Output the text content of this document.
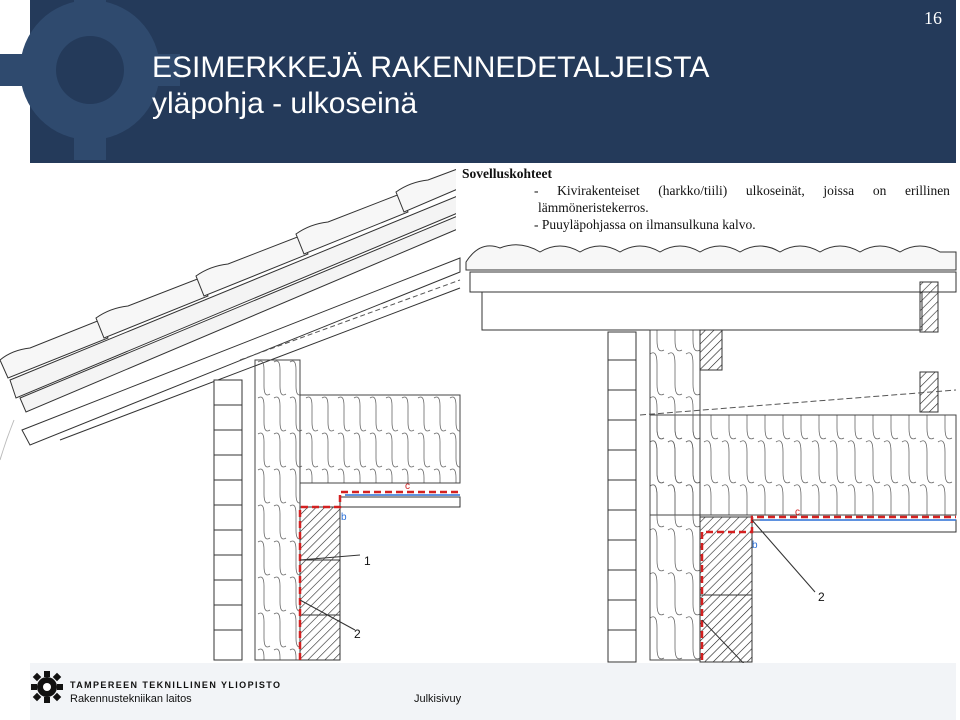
16
ESIMERKKEJÄ RAKENNEDETALJEISTA
yläpohja - ulkoseinä
c
b
1
2
c
b
2
Sovelluskohteet
- Kivirakenteiset (harkko/tiili) ulkoseinät, joissa on erillinen
lämmöneristekerros.
- Puuyläpohjassa on ilmansulkuna kalvo.
TAMPEREEN TEKNILLINEN YLIOPISTO
Rakennustekniikan laitos	Julkisivuy
